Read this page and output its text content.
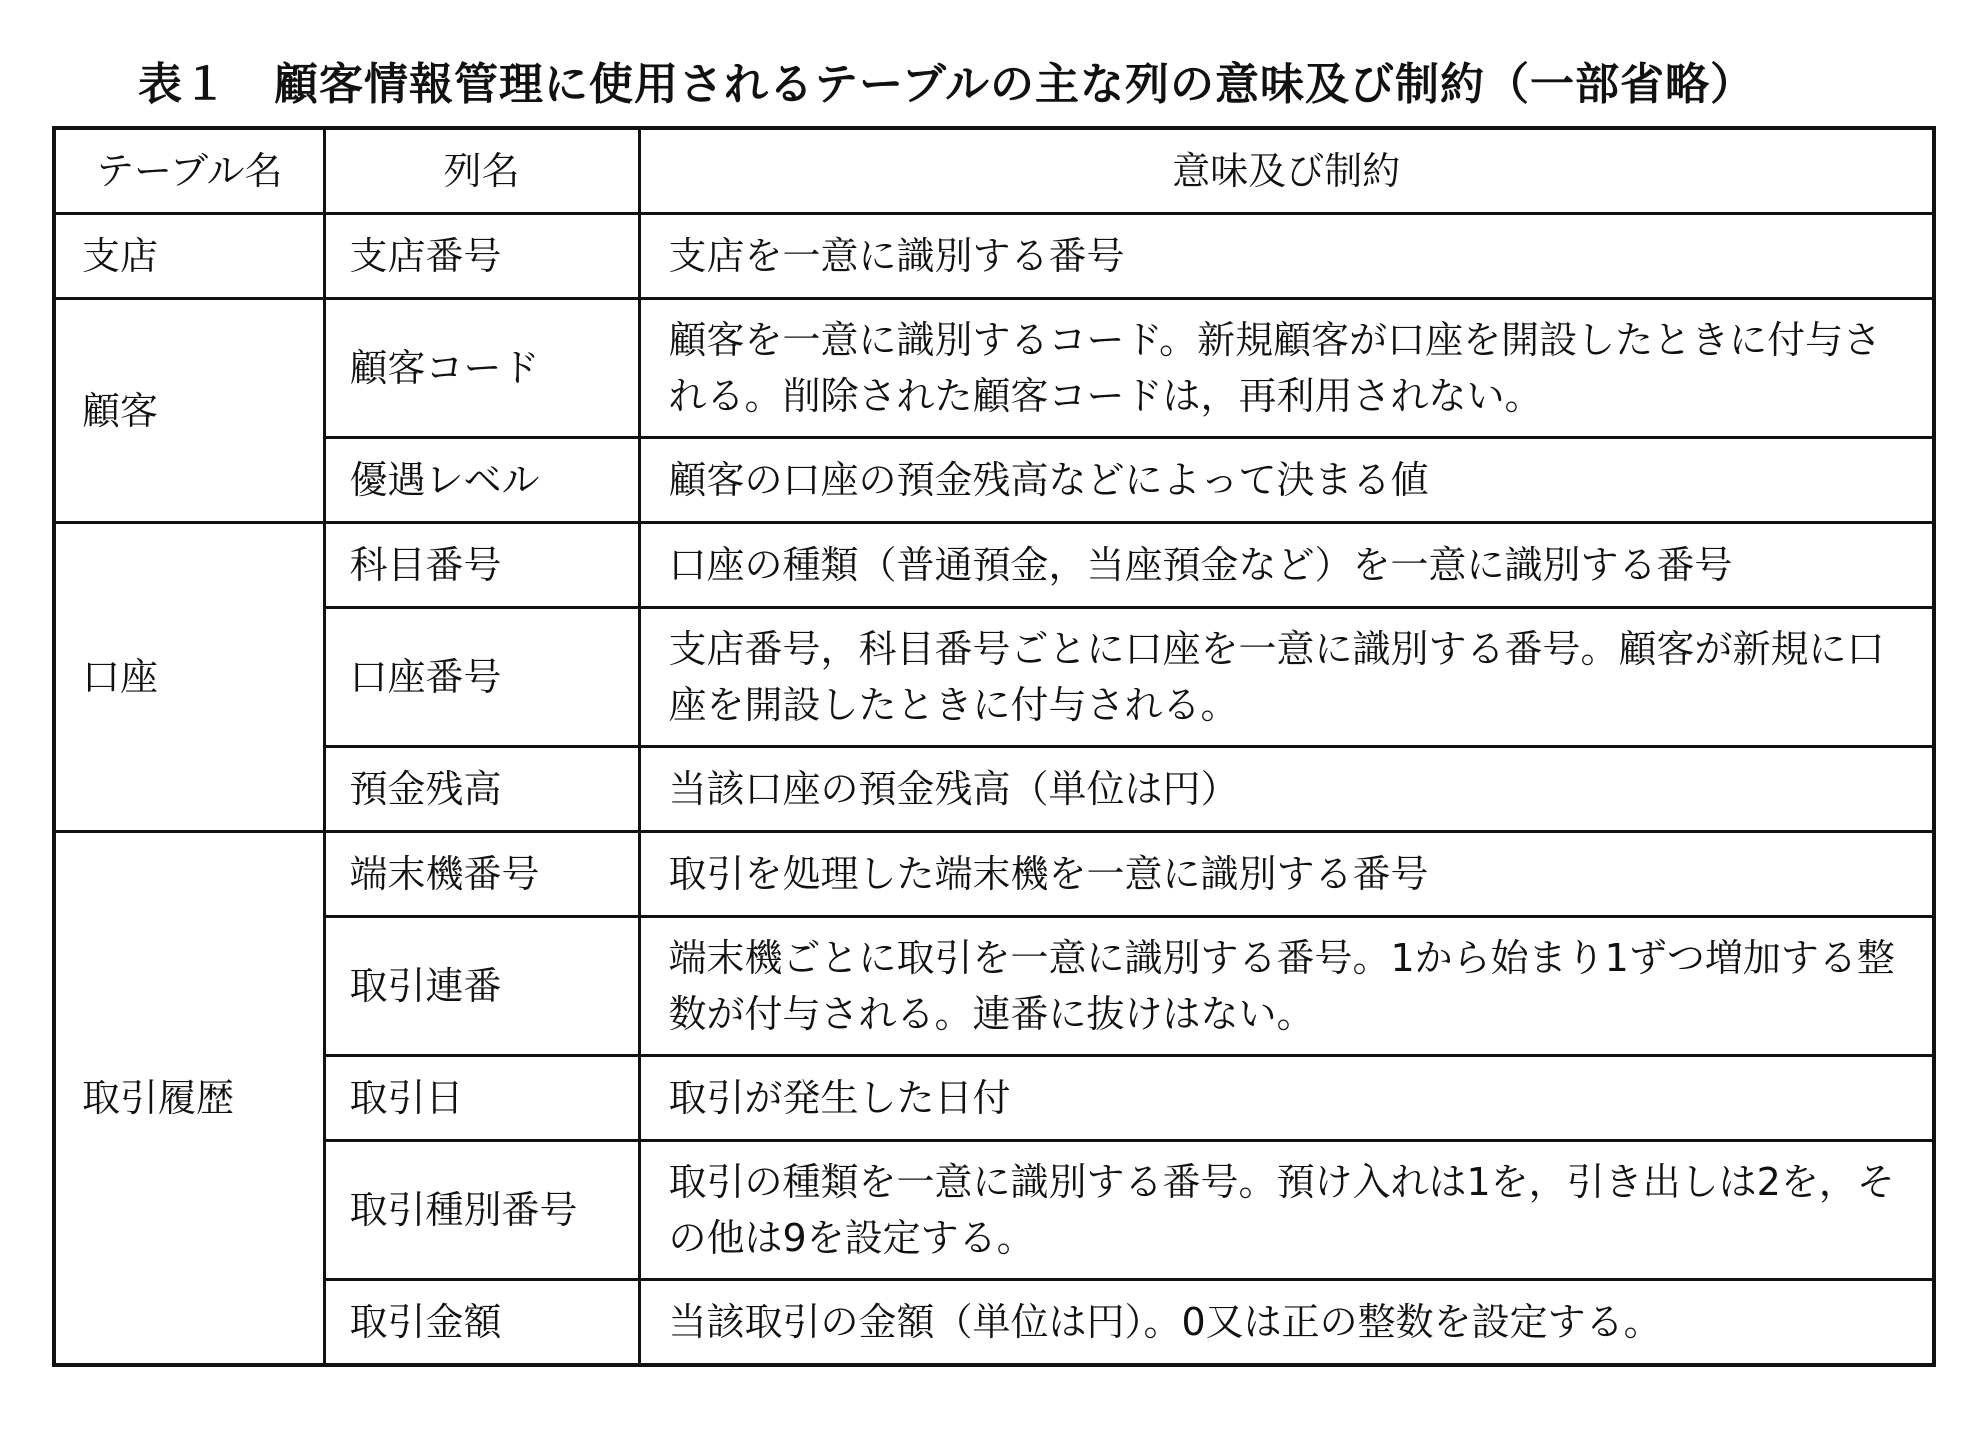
表１ 顧客情報管理に使用されるテーブルの主な列の意味及び制約（一部省略）
テーブル名	列名	意味及び制約
支店	支店番号	支店を一意に識別する番号
顧客	顧客コード	顧客を一意に識別するコード。新規顧客が口座を開設したときに付与される。削除された顧客コードは，再利用されない。
	優遇レベル	顧客の口座の預金残高などによって決まる値
口座	科目番号	口座の種類（普通預金，当座預金など）を一意に識別する番号
	口座番号	支店番号，科目番号ごとに口座を一意に識別する番号。顧客が新規に口座を開設したときに付与される。
	預金残高	当該口座の預金残高（単位は円）
取引履歴	端末機番号	取引を処理した端末機を一意に識別する番号
	取引連番	端末機ごとに取引を一意に識別する番号。1から始まり1ずつ増加する整数が付与される。連番に抜けはない。
	取引日	取引が発生した日付
	取引種別番号	取引の種類を一意に識別する番号。預け入れは1を，引き出しは2を，その他は9を設定する。
	取引金額	当該取引の金額（単位は円）。0又は正の整数を設定する。
